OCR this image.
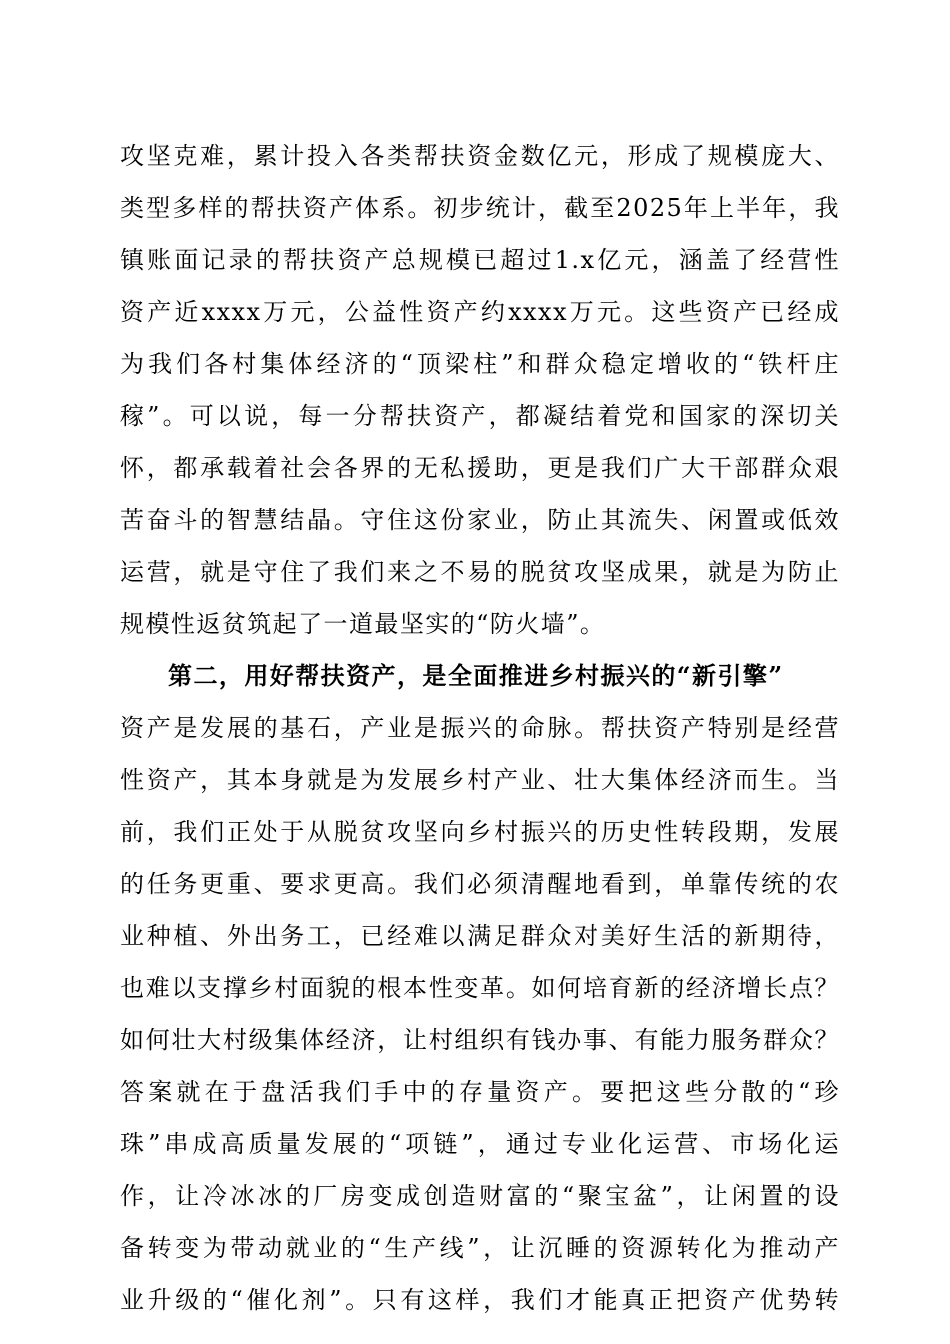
攻坚克难，累计投入各类帮扶资金数亿元，形成了规模庞大、
类型多样的帮扶资产体系。初步统计，截至2025年上半年，我
镇账面记录的帮扶资产总规模已超过1.x亿元，涵盖了经营性
资产近xxxx万元，公益性资产约xxxx万元。这些资产已经成
为我们各村集体经济的“顶梁柱”和群众稳定增收的“铁杆庄
稼”。可以说，每一分帮扶资产，都凝结着党和国家的深切关
怀，都承载着社会各界的无私援助，更是我们广大干部群众艰
苦奋斗的智慧结晶。守住这份家业，防止其流失、闲置或低效
运营，就是守住了我们来之不易的脱贫攻坚成果，就是为防止
规模性返贫筑起了一道最坚实的“防火墙”。
第二，用好帮扶资产，是全面推进乡村振兴的“新引擎”
资产是发展的基石，产业是振兴的命脉。帮扶资产特别是经营
性资产，其本身就是为发展乡村产业、壮大集体经济而生。当
前，我们正处于从脱贫攻坚向乡村振兴的历史性转段期，发展
的任务更重、要求更高。我们必须清醒地看到，单靠传统的农
业种植、外出务工，已经难以满足群众对美好生活的新期待，
也难以支撑乡村面貌的根本性变革。如何培育新的经济增长点？
如何壮大村级集体经济，让村组织有钱办事、有能力服务群众？
答案就在于盘活我们手中的存量资产。要把这些分散的“珍
珠”串成高质量发展的“项链”，通过专业化运营、市场化运
作，让冷冰冰的厂房变成创造财富的“聚宝盆”，让闲置的设
备转变为带动就业的“生产线”，让沉睡的资源转化为推动产
业升级的“催化剂”。只有这样，我们才能真正把资产优势转
